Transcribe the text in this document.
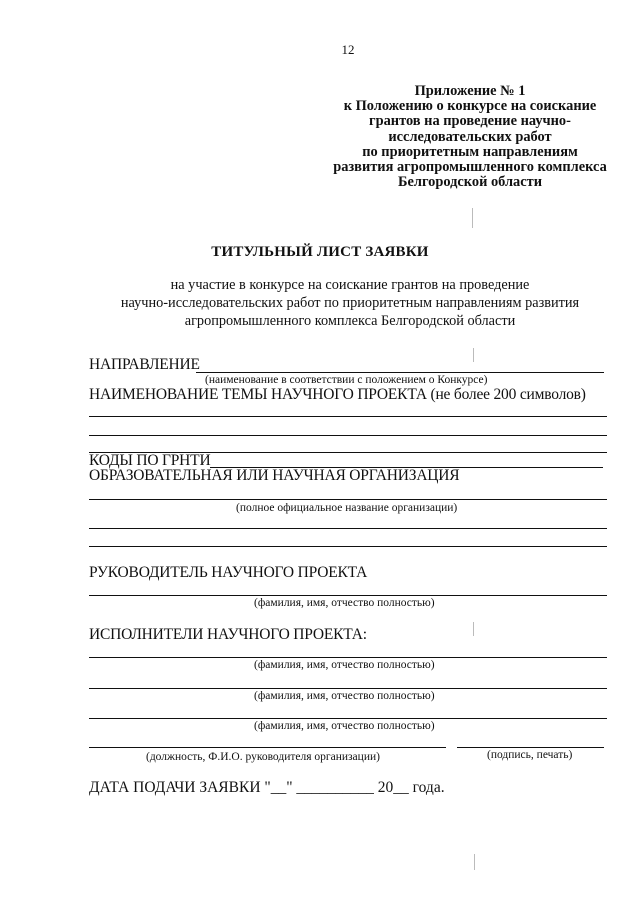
12
Приложение № 1
к Положению о конкурсе на соискание
грантов на проведение научно-
исследовательских работ
по приоритетным направлениям
развития агропромышленного комплекса
Белгородской области
ТИТУЛЬНЫЙ ЛИСТ ЗАЯВКИ
на участие в конкурсе на соискание грантов на проведение
научно-исследовательских работ по приоритетным направлениям развития
агропромышленного комплекса Белгородской области
НАПРАВЛЕНИЕ
(наименование в соответствии с положением о Конкурсе)
НАИМЕНОВАНИЕ ТЕМЫ НАУЧНОГО ПРОЕКТА (не более 200 символов)
КОДЫ ПО ГРНТИ
ОБРАЗОВАТЕЛЬНАЯ ИЛИ НАУЧНАЯ ОРГАНИЗАЦИЯ
(полное официальное название организации)
РУКОВОДИТЕЛЬ НАУЧНОГО ПРОЕКТА
(фамилия, имя, отчество полностью)
ИСПОЛНИТЕЛИ НАУЧНОГО ПРОЕКТА:
(фамилия, имя, отчество полностью)
(фамилия, имя, отчество полностью)
(фамилия, имя, отчество полностью)
(должность, Ф.И.О. руководителя организации)	(подпись, печать)
ДАТА ПОДАЧИ ЗАЯВКИ "__" __________ 20__ года.
